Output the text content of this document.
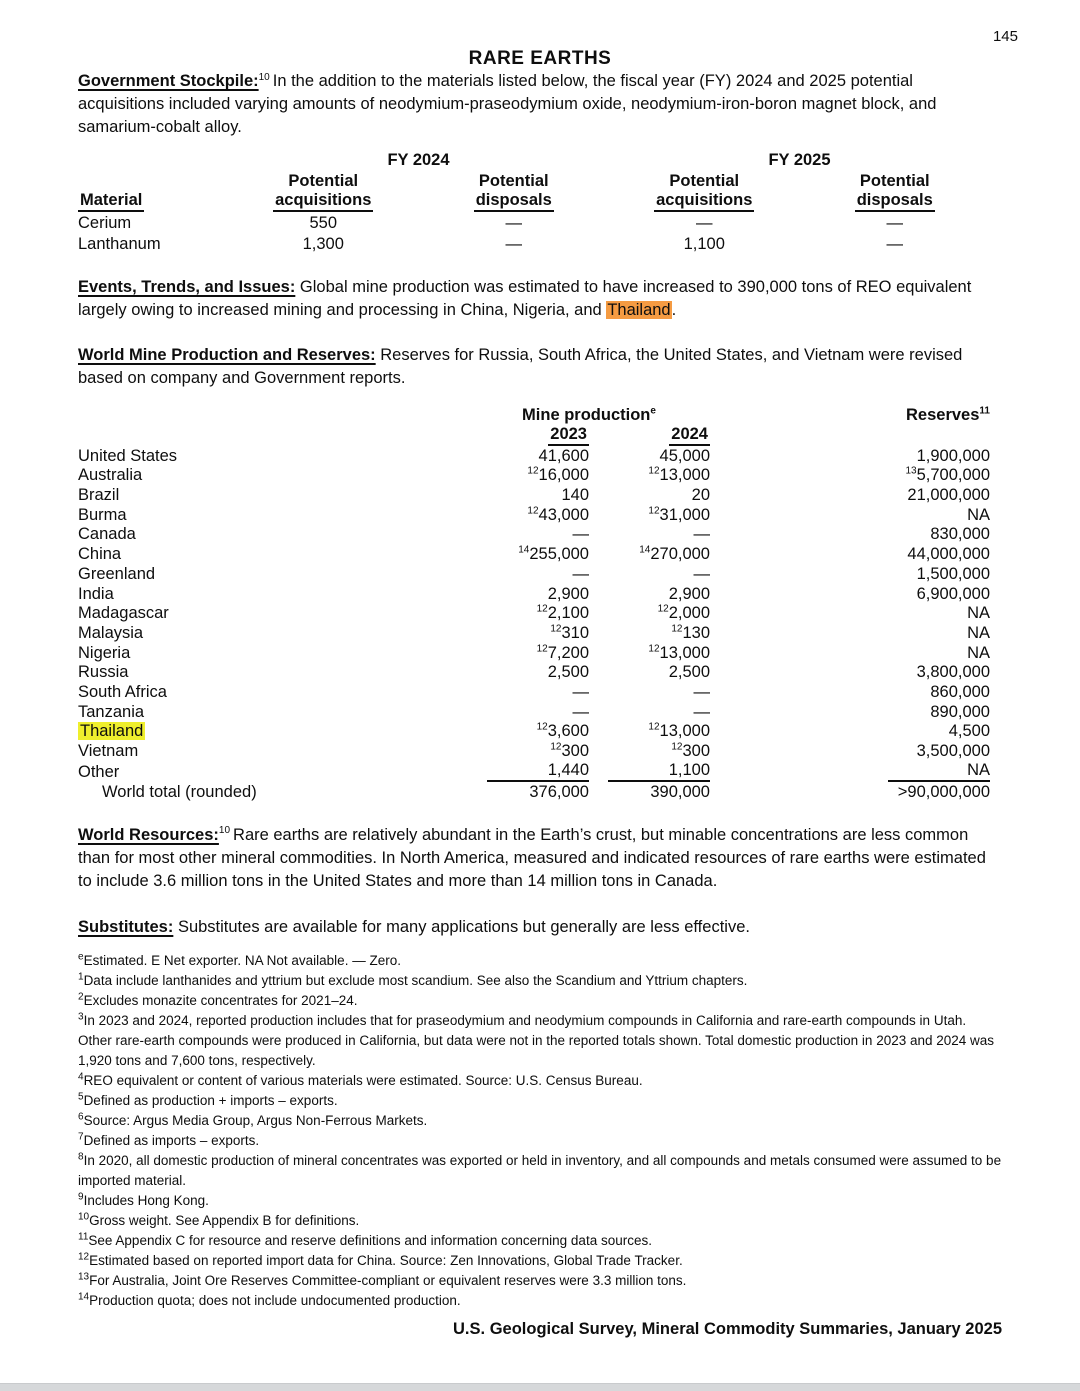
145
RARE EARTHS

Government Stockpile:$^{10}$ In the addition to the materials listed below, the fiscal year (FY) 2024 and 2025 potential acquisitions included varying amounts of neodymium-praseodymium oxide, neodymium-iron-boron magnet block, and samarium-cobalt alloy.

	FY 2024		FY 2025	
	Potential	Potential	Potential	Potential
Material	acquisitions	disposals	acquisitions	disposals
Cerium	550	—	—	—
Lanthanum	1,300	—	1,100	—

Events, Trends, and Issues: Global mine production was estimated to have increased to 390,000 tons of REO equivalent largely owing to increased mining and processing in China, Nigeria, and Thailand.

World Mine Production and Reserves: Reserves for Russia, South Africa, the United States, and Vietnam were revised based on company and Government reports.

	Mine production$^e$		Reserves$^{11}$
	2023	2024	
United States	41,600	45,000	1,900,000
Australia	$^{12}$16,000	$^{12}$13,000	$^{13}$5,700,000
Brazil	140	20	21,000,000
Burma	$^{12}$43,000	$^{12}$31,000	NA
Canada	—	—	830,000
China	$^{14}$255,000	$^{14}$270,000	44,000,000
Greenland	—	—	1,500,000
India	2,900	2,900	6,900,000
Madagascar	$^{12}$2,100	$^{12}$2,000	NA
Malaysia	$^{12}$310	$^{12}$130	NA
Nigeria	$^{12}$7,200	$^{12}$13,000	NA
Russia	2,500	2,500	3,800,000
South Africa	—	—	860,000
Tanzania	—	—	890,000
Thailand	$^{12}$3,600	$^{12}$13,000	4,500
Vietnam	$^{12}$300	$^{12}$300	3,500,000
Other	1,440	1,100	NA
World total (rounded)	376,000	390,000	>90,000,000

World Resources:$^{10}$ Rare earths are relatively abundant in the Earth’s crust, but minable concentrations are less common than for most other mineral commodities. In North America, measured and indicated resources of rare earths were estimated to include 3.6 million tons in the United States and more than 14 million tons in Canada.

Substitutes: Substitutes are available for many applications but generally are less effective.

$^e$Estimated. E Net exporter. NA Not available. — Zero.

$^1$Data include lanthanides and yttrium but exclude most scandium. See also the Scandium and Yttrium chapters.

$^2$Excludes monazite concentrates for 2021–24.

$^3$In 2023 and 2024, reported production includes that for praseodymium and neodymium compounds in California and rare-earth compounds in Utah. Other rare-earth compounds were produced in California, but data were not in the reported totals shown. Total domestic production in 2023 and 2024 was 1,920 tons and 7,600 tons, respectively.

$^4$REO equivalent or content of various materials were estimated. Source: U.S. Census Bureau.

$^5$Defined as production + imports – exports.

$^6$Source: Argus Media Group, Argus Non-Ferrous Markets.

$^7$Defined as imports – exports.

$^8$In 2020, all domestic production of mineral concentrates was exported or held in inventory, and all compounds and metals consumed were assumed to be imported material.

$^9$Includes Hong Kong.

$^{10}$Gross weight. See Appendix B for definitions.

$^{11}$See Appendix C for resource and reserve definitions and information concerning data sources.

$^{12}$Estimated based on reported import data for China. Source: Zen Innovations, Global Trade Tracker.

$^{13}$For Australia, Joint Ore Reserves Committee-compliant or equivalent reserves were 3.3 million tons.

$^{14}$Production quota; does not include undocumented production.

U.S. Geological Survey, Mineral Commodity Summaries, January 2025
